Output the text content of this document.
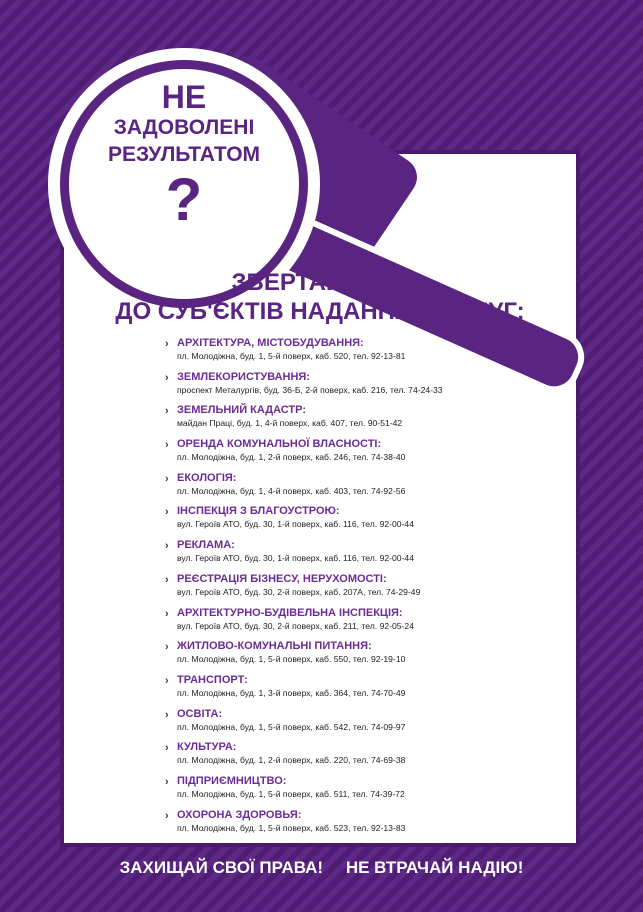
НЕ
ЗАДОВОЛЕНІ
РЕЗУЛЬТАТОМ
?
ЗВЕРТАЙТЕСЬ
ДО СУБ'ЄКТІВ НАДАННЯ ПОСЛУГ:
› АРХІТЕКТУРА, МІСТОБУДУВАННЯ:
пл. Молодіжна, буд. 1, 5-й поверх, каб. 520, тел. 92-13-81
› ЗЕМЛЕКОРИСТУВАННЯ:
проспект Металургів, буд. 36-Б, 2-й поверх, каб. 216, тел. 74-24-33
› ЗЕМЕЛЬНИЙ КАДАСТР:
майдан Праці, буд. 1, 4-й поверх, каб. 407, тел. 90-51-42
› ОРЕНДА КОМУНАЛЬНОЇ ВЛАСНОСТІ:
пл. Молодіжна, буд. 1, 2-й поверх, каб. 246, тел. 74-38-40
› ЕКОЛОГІЯ:
пл. Молодіжна, буд. 1, 4-й поверх, каб. 403, тел. 74-92-56
› ІНСПЕКЦІЯ З БЛАГОУСТРОЮ:
вул. Героїв АТО, буд. 30, 1-й поверх, каб. 116, тел. 92-00-44
› РЕКЛАМА:
вул. Героїв АТО, буд. 30, 1-й поверх, каб. 116, тел. 92-00-44
› РЕЄСТРАЦІЯ БІЗНЕСУ, НЕРУХОМОСТІ:
вул. Героїв АТО, буд. 30, 2-й поверх, каб. 207А, тел. 74-29-49
› АРХІТЕКТУРНО-БУДІВЕЛЬНА ІНСПЕКЦІЯ:
вул. Героїв АТО, буд. 30, 2-й поверх, каб. 211, тел. 92-05-24
› ЖИТЛОВО-КОМУНАЛЬНІ ПИТАННЯ:
пл. Молодіжна, буд. 1, 5-й поверх, каб. 550, тел. 92-19-10
› ТРАНСПОРТ:
пл. Молодіжна, буд. 1, 3-й поверх, каб. 364, тел. 74-70-49
› ОСВІТА:
пл. Молодіжна, буд. 1, 5-й поверх, каб. 542, тел. 74-09-97
› КУЛЬТУРА:
пл. Молодіжна, буд. 1, 2-й поверх, каб. 220, тел. 74-69-38
› ПІДПРИЄМНИЦТВО:
пл. Молодіжна, буд. 1, 5-й поверх, каб. 511, тел. 74-39-72
› ОХОРОНА ЗДОРОВЬЯ:
пл. Молодіжна, буд. 1, 5-й поверх, каб. 523, тел. 92-13-83
ЗАХИЩАЙ СВОЇ ПРАВА! НЕ ВТРАЧАЙ НАДІЮ!
